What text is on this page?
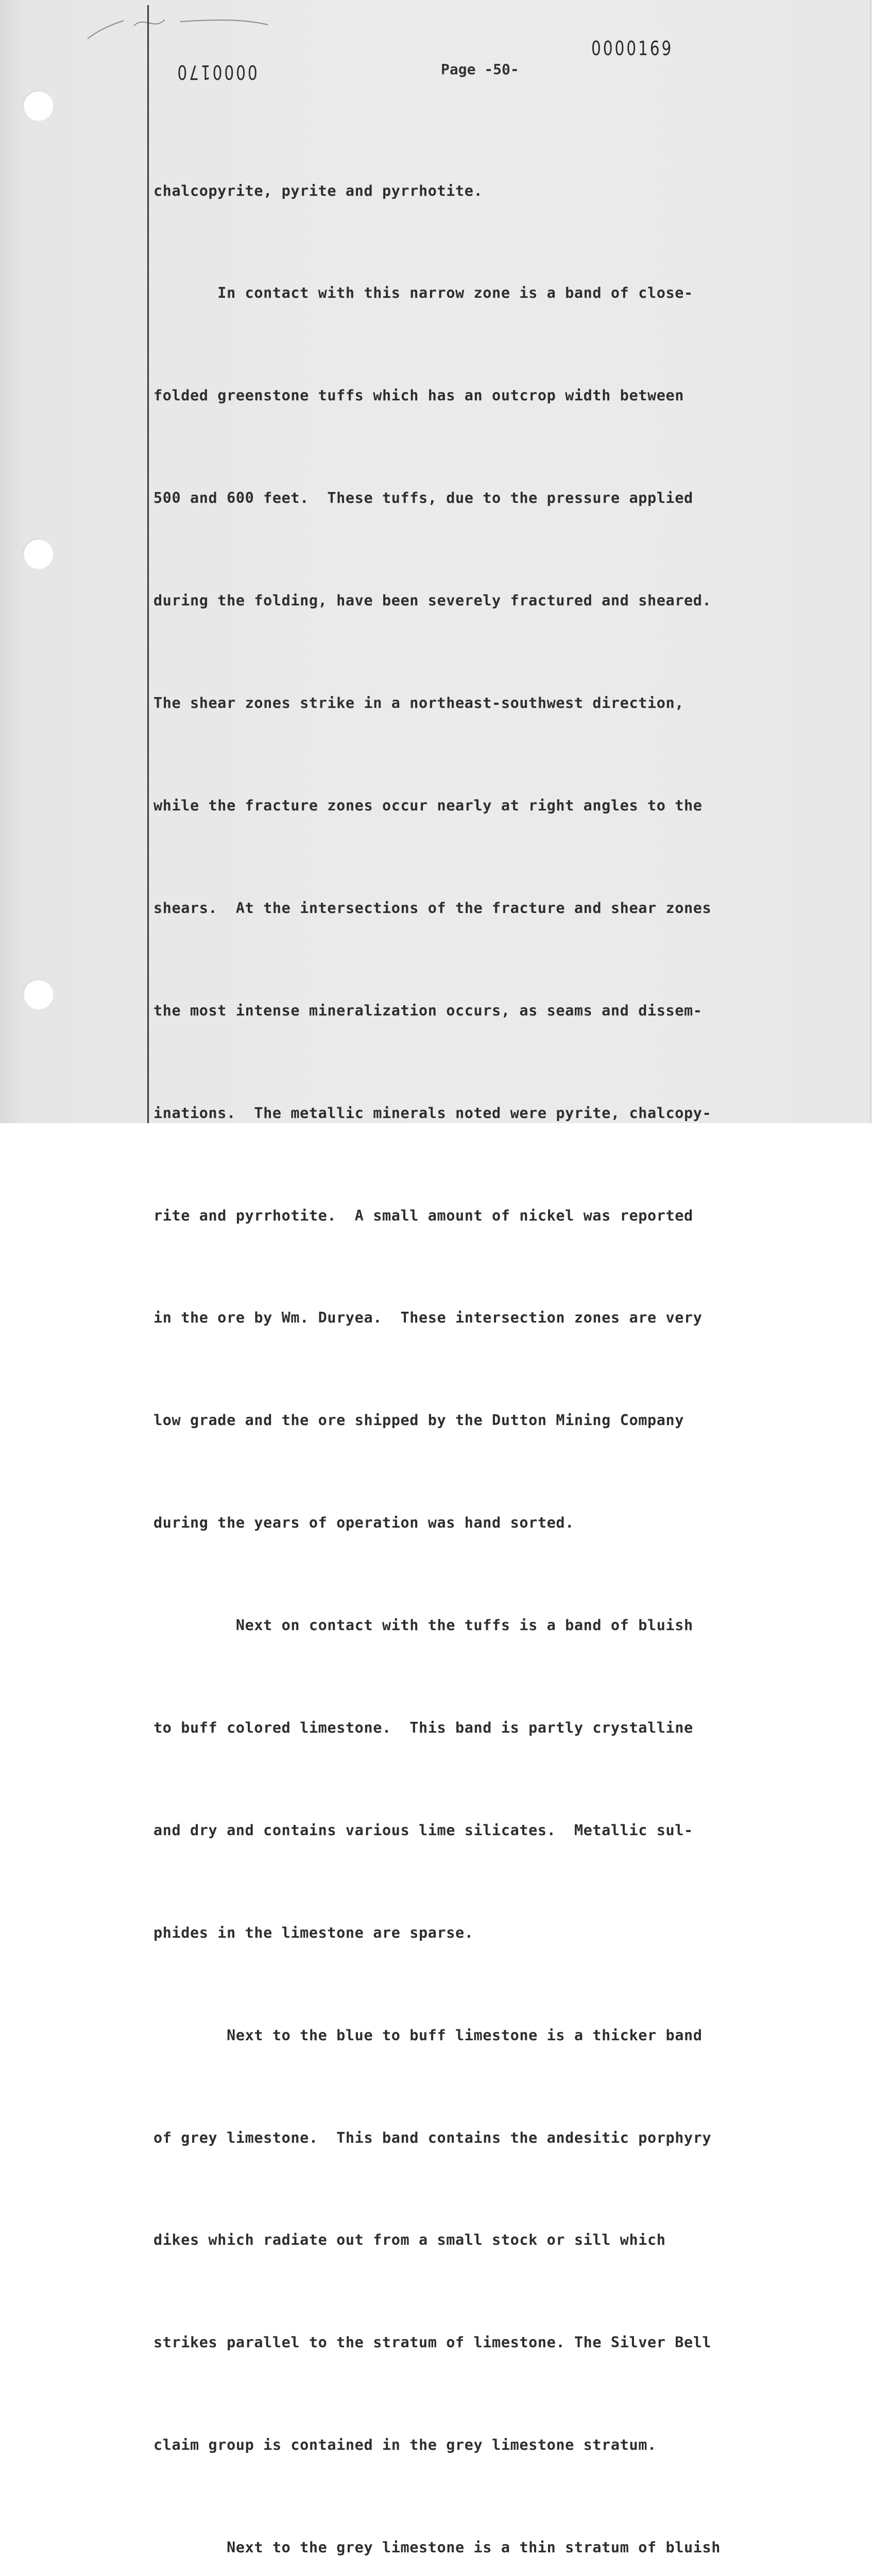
0000170
0000169
Page -50-

chalcopyrite, pyrite and pyrrhotite.

In contact with this narrow zone is a band of close-

folded greenstone tuffs which has an outcrop width between

500 and 600 feet.  These tuffs, due to the pressure applied

during the folding, have been severely fractured and sheared.

The shear zones strike in a northeast-southwest direction,

while the fracture zones occur nearly at right angles to the

shears.  At the intersections of the fracture and shear zones

the most intense mineralization occurs, as seams and dissem-

inations.  The metallic minerals noted were pyrite, chalcopy-

rite and pyrrhotite.  A small amount of nickel was reported

in the ore by Wm. Duryea.  These intersection zones are very

low grade and the ore shipped by the Dutton Mining Company

during the years of operation was hand sorted.

Next on contact with the tuffs is a band of bluish

to buff colored limestone.  This band is partly crystalline

and dry and contains various lime silicates.  Metallic sul-

phides in the limestone are sparse.

Next to the blue to buff limestone is a thicker band

of grey limestone.  This band contains the andesitic porphyry

dikes which radiate out from a small stock or sill which

strikes parallel to the stratum of limestone. The Silver Bell

claim group is contained in the grey limestone stratum.

Next to the grey limestone is a thin stratum of bluish
